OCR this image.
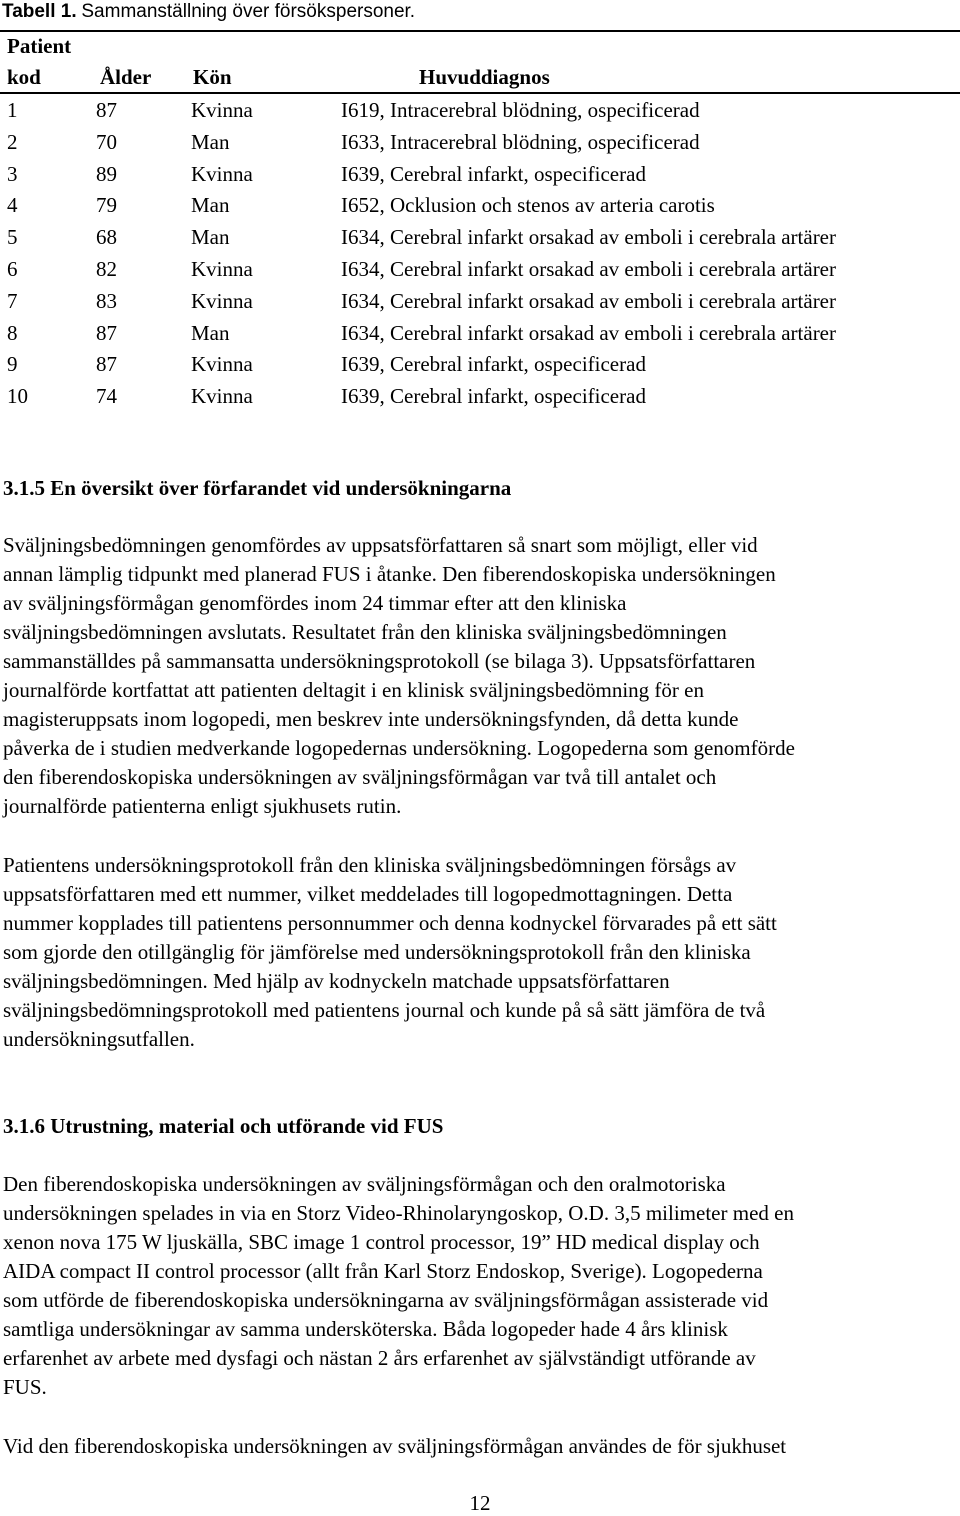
Tabell 1. Sammanställning över försökspersoner.
Patient
kod	Ålder Kön	Huvuddiagnos
1	87	Kvinna	I619, Intracerebral blödning, ospecificerad
2	70	Man	I633, Intracerebral blödning, ospecificerad
3	89	Kvinna	I639, Cerebral infarkt, ospecificerad
4	79	Man	I652, Ocklusion och stenos av arteria carotis
5	68	Man	I634, Cerebral infarkt orsakad av emboli i cerebrala artärer
6	82	Kvinna	I634, Cerebral infarkt orsakad av emboli i cerebrala artärer
7	83	Kvinna	I634, Cerebral infarkt orsakad av emboli i cerebrala artärer
8	87	Man	I634, Cerebral infarkt orsakad av emboli i cerebrala artärer
9	87	Kvinna	I639, Cerebral infarkt, ospecificerad
10	74	Kvinna	I639, Cerebral infarkt, ospecificerad
3.1.5 En översikt över förfarandet vid undersökningarna
Sväljningsbedömningen genomfördes av uppsatsförfattaren så snart som möjligt, eller vid
annan lämplig tidpunkt med planerad FUS i åtanke. Den fiberendoskopiska undersökningen
av sväljningsförmågan genomfördes inom 24 timmar efter att den kliniska
sväljningsbedömningen avslutats. Resultatet från den kliniska sväljningsbedömningen
sammanställdes på sammansatta undersökningsprotokoll (se bilaga 3). Uppsatsförfattaren
journalförde kortfattat att patienten deltagit i en klinisk sväljningsbedömning för en
magisteruppsats inom logopedi, men beskrev inte undersökningsfynden, då detta kunde
påverka de i studien medverkande logopedernas undersökning. Logopederna som genomförde
den fiberendoskopiska undersökningen av sväljningsförmågan var två till antalet och
journalförde patienterna enligt sjukhusets rutin.
Patientens undersökningsprotokoll från den kliniska sväljningsbedömningen försågs av
uppsatsförfattaren med ett nummer, vilket meddelades till logopedmottagningen. Detta
nummer kopplades till patientens personnummer och denna kodnyckel förvarades på ett sätt
som gjorde den otillgänglig för jämförelse med undersökningsprotokoll från den kliniska
sväljningsbedömningen. Med hjälp av kodnyckeln matchade uppsatsförfattaren
sväljningsbedömningsprotokoll med patientens journal och kunde på så sätt jämföra de två
undersökningsutfallen.
3.1.6 Utrustning, material och utförande vid FUS
Den fiberendoskopiska undersökningen av sväljningsförmågan och den oralmotoriska
undersökningen spelades in via en Storz Video-Rhinolaryngoskop, O.D. 3,5 milimeter med en
xenon nova 175 W ljuskälla, SBC image 1 control processor, 19” HD medical display och
AIDA compact II control processor (allt från Karl Storz Endoskop, Sverige). Logopederna
som utförde de fiberendoskopiska undersökningarna av sväljningsförmågan assisterade vid
samtliga undersökningar av samma undersköterska. Båda logopeder hade 4 års klinisk
erfarenhet av arbete med dysfagi och nästan 2 års erfarenhet av självständigt utförande av
FUS.
Vid den fiberendoskopiska undersökningen av sväljningsförmågan användes de för sjukhuset
12
